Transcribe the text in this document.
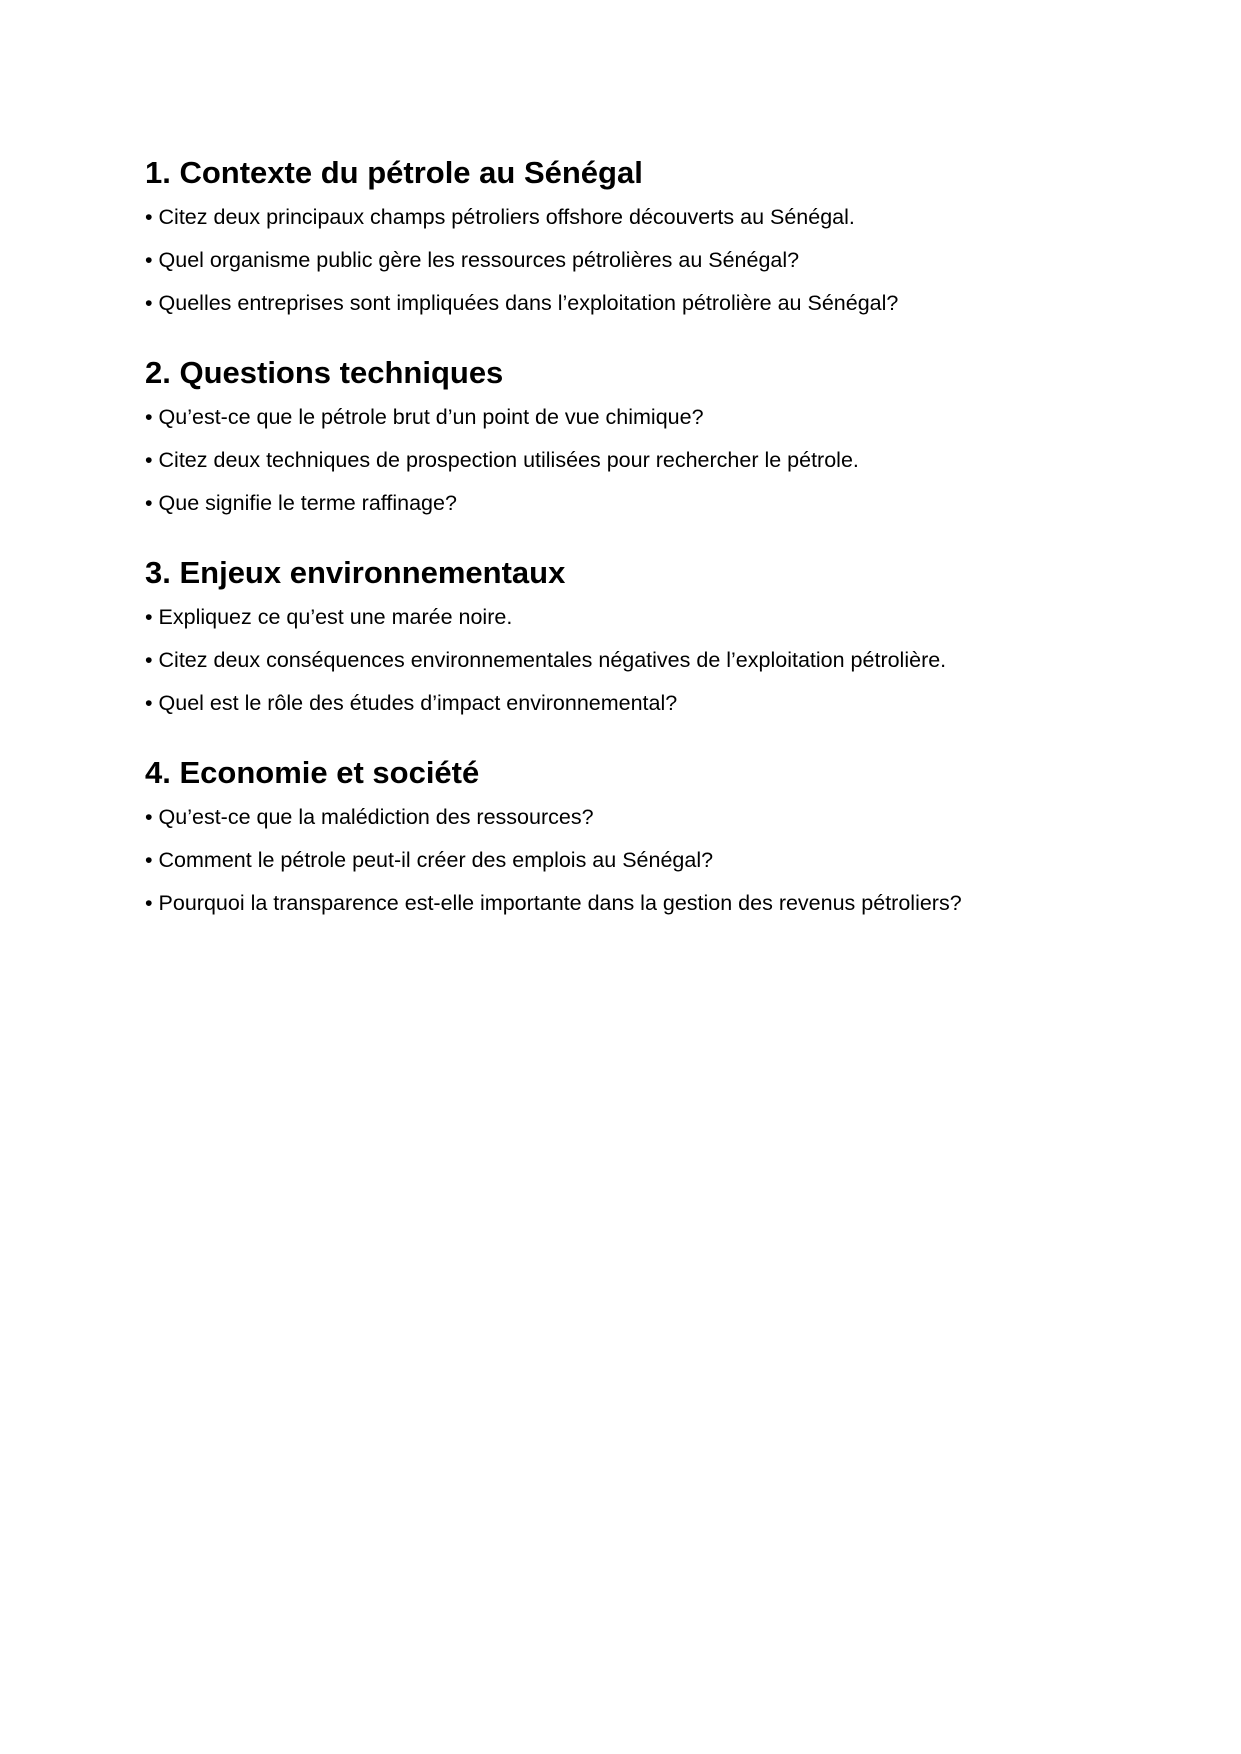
1. Contexte du pétrole au Sénégal

• Citez deux principaux champs pétroliers offshore découverts au Sénégal.

• Quel organisme public gère les ressources pétrolières au Sénégal?

• Quelles entreprises sont impliquées dans l’exploitation pétrolière au Sénégal?

2. Questions techniques

• Qu’est-ce que le pétrole brut d’un point de vue chimique?

• Citez deux techniques de prospection utilisées pour rechercher le pétrole.

• Que signifie le terme raffinage?

3. Enjeux environnementaux

• Expliquez ce qu’est une marée noire.

• Citez deux conséquences environnementales négatives de l’exploitation pétrolière.

• Quel est le rôle des études d’impact environnemental?

4. Economie et société

• Qu’est-ce que la malédiction des ressources?

• Comment le pétrole peut-il créer des emplois au Sénégal?

• Pourquoi la transparence est-elle importante dans la gestion des revenus pétroliers?
